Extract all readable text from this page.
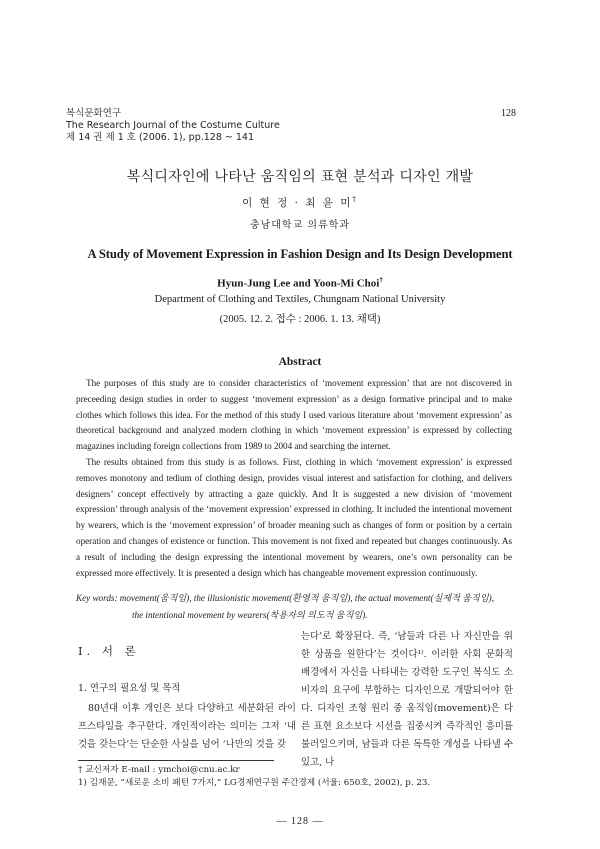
복식문화연구
The Research Journal of the Costume Culture
제 14 권 제 1 호 (2006. 1), pp.128 ~ 141
128
복식디자인에 나타난 움직임의 표현 분석과 디자인 개발
이 현 정 · 최 윤 미†
충남대학교 의류학과
A Study of Movement Expression in Fashion Design and Its Design Development
Hyun-Jung Lee and Yoon-Mi Choi†
Department of Clothing and Textiles, Chungnam National University
(2005. 12. 2. 접수 : 2006. 1. 13. 채택)
Abstract

The purposes of this study are to consider characteristics of ‘movement expression’ that are not discovered in preceeding design studies in order to suggest ‘movement expression’ as a design formative principal and to make clothes which follows this idea. For the method of this study I used various literature about ‘movement expression’ as theoretical background and analyzed modern clothing in which ‘movement expression’ is expressed by collecting magazines including foreign collections from 1989 to 2004 and searching the internet.

The results obtained from this study is as follows. First, clothing in which ‘movement expression’ is expressed removes monotony and tedium of clothing design, provides visual interest and satisfaction for clothing, and delivers designers’ concept effectively by attracting a gaze quickly. And It is suggested a new division of ‘movement expression’ through analysis of the ‘movement expression’ expressed in clothing. It included the intentional movement by wearers, which is the ‘movement expression’ of broader meaning such as changes of form or position by a certain operation and changes of existence or function. This movement is not fixed and repeated but changes continuously. As a result of including the design expressing the intentional movement by wearers, one’s own personality can be expressed more effectively. It is presented a design which has changeable movement expression continuously.

Key words: movement(움직임), the illusionistic movement(환영적 움직임), the actual movement(실제적 움직임),
the intentional movement by wearers(착용자의 의도적 움직임).

I. 서 론

1. 연구의 필요성 및 목적

80년대 이후 개인은 보다 다양하고 세분화된 라이프스타일을 추구한다. 개인적이라는 의미는 그저 ‘내 것을 갖는다’는 단순한 사실을 넘어 ‘나만의 것을 갖

는다’로 확장된다. 즉, ‘남들과 다른 나 자신만을 위한 상품을 원한다’는 것이다¹⁾. 이러한 사회 문화적 배경에서 자신을 나타내는 강력한 도구인 복식도 소비자의 요구에 부합하는 디자인으로 개발되어야 한다. 디자인 조형 원리 중 움직임(movement)은 다른 표현 요소보다 시선을 집중시켜 즉각적인 흥미를 불러일으키며, 남들과 다른 독특한 개성을 나타낼 수 있고, 나

† 교신저자 E-mail : ymchoi@cnu.ac.kr
1) 김재문, “새로운 소비 패턴 7가지,” LG경제연구원 주간경제 (서울: 650호, 2002), p. 23.
— 128 —
